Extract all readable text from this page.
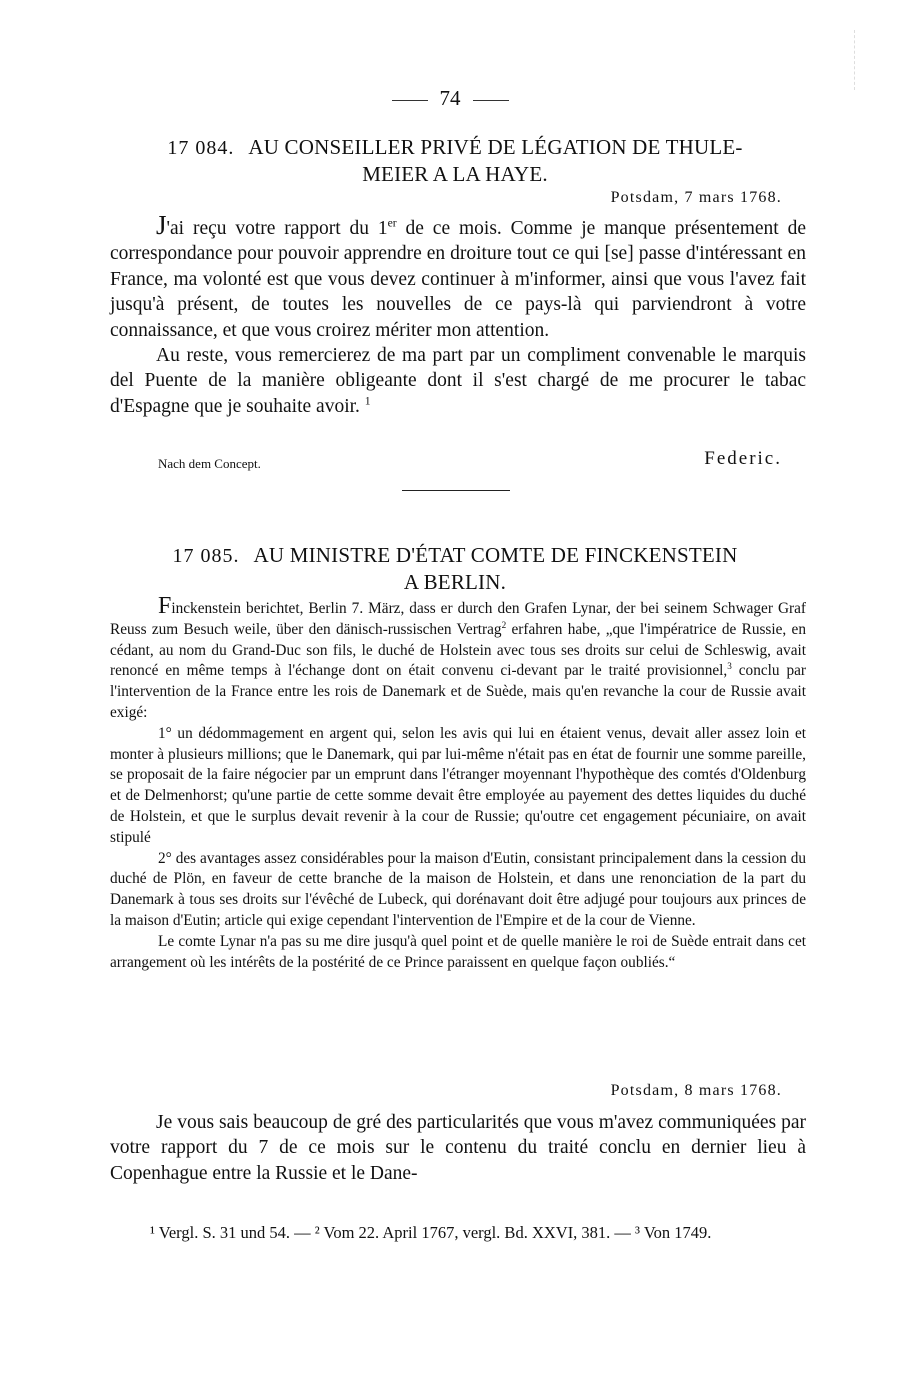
74
17 084. AU CONSEILLER PRIVÉ DE LÉGATION DE THULE-
MEIER A LA HAYE.
Potsdam, 7 mars 1768.

J'ai reçu votre rapport du 1er de ce mois. Comme je manque présentement de correspondance pour pouvoir apprendre en droiture tout ce qui [se] passe d'intéressant en France, ma volonté est que vous devez continuer à m'informer, ainsi que vous l'avez fait jusqu'à présent, de toutes les nouvelles de ce pays-là qui parviendront à votre connaissance, et que vous croirez mériter mon attention.

Au reste, vous remercierez de ma part par un compliment convenable le marquis del Puente de la manière obligeante dont il s'est chargé de me procurer le tabac d'Espagne que je souhaite avoir. $^1$

Nach dem Concept.	Federic.
17 085. AU MINISTRE D'ÉTAT COMTE DE FINCKENSTEIN
A BERLIN.

Finckenstein berichtet, Berlin 7. März, dass er durch den Grafen Lynar, der bei seinem Schwager Graf Reuss zum Besuch weile, über den dänisch-russischen Vertrag$^2$ erfahren habe, „que l'impératrice de Russie, en cédant, au nom du Grand-Duc son fils, le duché de Holstein avec tous ses droits sur celui de Schleswig, avait renoncé en même temps à l'échange dont on était convenu ci-devant par le traité provisionnel,$^3$ conclu par l'intervention de la France entre les rois de Danemark et de Suède, mais qu'en revanche la cour de Russie avait exigé:

1° un dédommagement en argent qui, selon les avis qui lui en étaient venus, devait aller assez loin et monter à plusieurs millions; que le Danemark, qui par lui-même n'était pas en état de fournir une somme pareille, se proposait de la faire négocier par un emprunt dans l'étranger moyennant l'hypothèque des comtés d'Oldenburg et de Delmenhorst; qu'une partie de cette somme devait être employée au payement des dettes liquides du duché de Holstein, et que le surplus devait revenir à la cour de Russie; qu'outre cet engagement pécuniaire, on avait stipulé

2° des avantages assez considérables pour la maison d'Eutin, consistant principalement dans la cession du duché de Plön, en faveur de cette branche de la maison de Holstein, et dans une renonciation de la part du Danemark à tous ses droits sur l'évêché de Lubeck, qui dorénavant doit être adjugé pour toujours aux princes de la maison d'Eutin; article qui exige cependant l'intervention de l'Empire et de la cour de Vienne.

Le comte Lynar n'a pas su me dire jusqu'à quel point et de quelle manière le roi de Suède entrait dans cet arrangement où les intérêts de la postérité de ce Prince paraissent en quelque façon oubliés.“

Potsdam, 8 mars 1768.

Je vous sais beaucoup de gré des particularités que vous m'avez communiquées par votre rapport du 7 de ce mois sur le contenu du traité conclu en dernier lieu à Copenhague entre la Russie et le Dane-

¹ Vergl. S. 31 und 54. — ² Vom 22. April 1767, vergl. Bd. XXVI, 381. — ³ Von 1749.
